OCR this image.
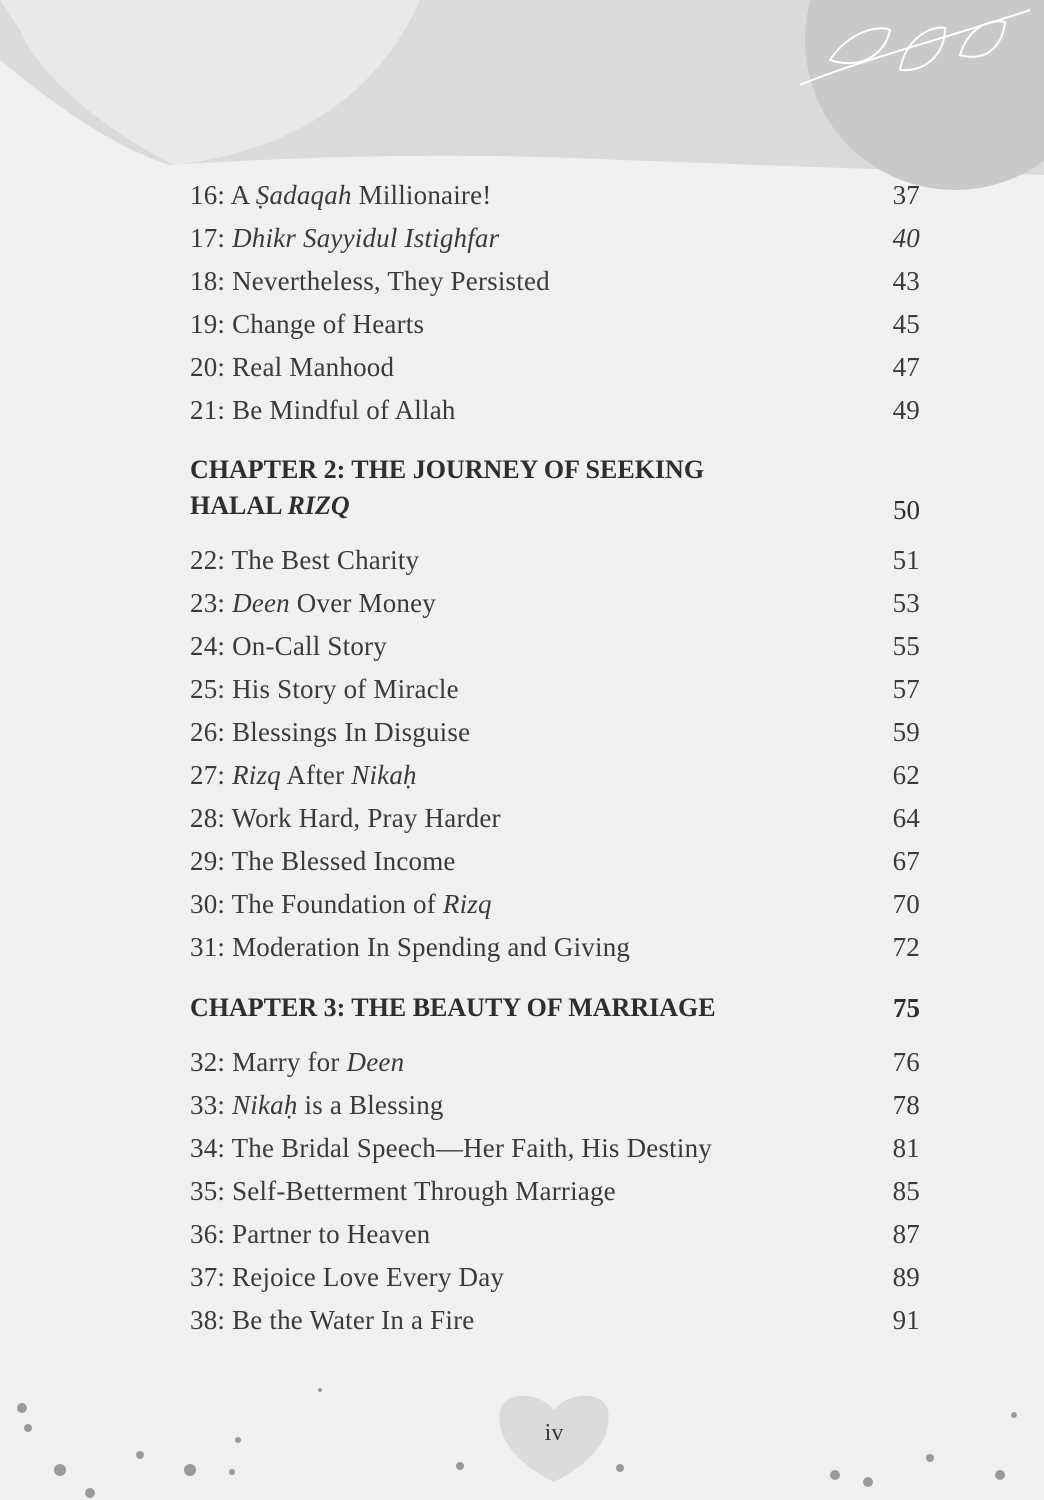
16: A Ṣadaqah Millionaire!	37
17: Dhikr Sayyidul Istighfar	40
18: Nevertheless, They Persisted	43
19: Change of Hearts	45
20: Real Manhood	47
21: Be Mindful of Allah	49
CHAPTER 2: THE JOURNEY OF SEEKING
HALAL RIZQ	50
22: The Best Charity	51
23: Deen Over Money	53
24: On-Call Story	55
25: His Story of Miracle	57
26: Blessings In Disguise	59
27: Rizq After Nikaḥ	62
28: Work Hard, Pray Harder	64
29: The Blessed Income	67
30: The Foundation of Rizq	70
31: Moderation In Spending and Giving	72
CHAPTER 3: THE BEAUTY OF MARRIAGE	75
32: Marry for Deen	76
33: Nikaḥ is a Blessing	78
34: The Bridal Speech—Her Faith, His Destiny	81
35: Self-Betterment Through Marriage	85
36: Partner to Heaven	87
37: Rejoice Love Every Day	89
38: Be the Water In a Fire	91
iv
